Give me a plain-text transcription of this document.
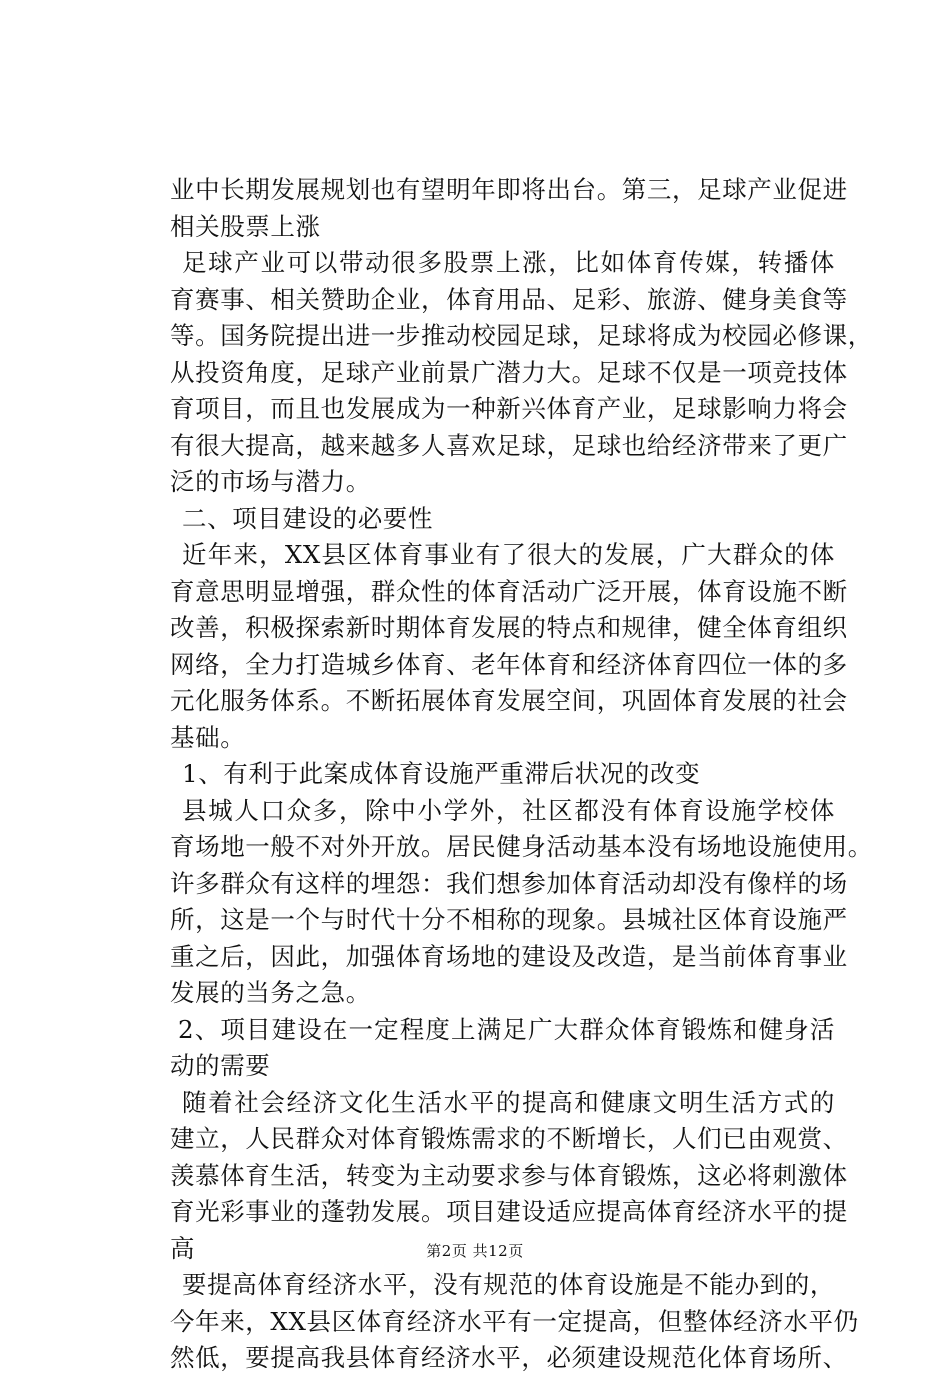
业中长期发展规划也有望明年即将出台。第三，足球产业促进
相关股票上涨
足球产业可以带动很多股票上涨，比如体育传媒，转播体
育赛事、相关赞助企业，体育用品、足彩、旅游、健身美食等
等。国务院提出进一步推动校园足球，足球将成为校园必修课，
从投资角度，足球产业前景广潜力大。足球不仅是一项竞技体
育项目，而且也发展成为一种新兴体育产业，足球影响力将会
有很大提高，越来越多人喜欢足球，足球也给经济带来了更广
泛的市场与潜力。
二、项目建设的必要性
近年来，XX县区体育事业有了很大的发展，广大群众的体
育意思明显增强，群众性的体育活动广泛开展，体育设施不断
改善，积极探索新时期体育发展的特点和规律，健全体育组织
网络，全力打造城乡体育、老年体育和经济体育四位一体的多
元化服务体系。不断拓展体育发展空间，巩固体育发展的社会
基础。
1、有利于此案成体育设施严重滞后状况的改变
县城人口众多，除中小学外，社区都没有体育设施学校体
育场地一般不对外开放。居民健身活动基本没有场地设施使用。
许多群众有这样的埋怨：我们想参加体育活动却没有像样的场
所，这是一个与时代十分不相称的现象。县城社区体育设施严
重之后，因此，加强体育场地的建设及改造，是当前体育事业
发展的当务之急。
2、项目建设在一定程度上满足广大群众体育锻炼和健身活
动的需要
随着社会经济文化生活水平的提高和健康文明生活方式的
建立，人民群众对体育锻炼需求的不断增长，人们已由观赏、
羡慕体育生活，转变为主动要求参与体育锻炼，这必将刺激体
育光彩事业的蓬勃发展。项目建设适应提高体育经济水平的提
高
要提高体育经济水平，没有规范的体育设施是不能办到的，
今年来，XX县区体育经济水平有一定提高，但整体经济水平仍
然低，要提高我县体育经济水平，必须建设规范化体育场所、
第2页 共12页
